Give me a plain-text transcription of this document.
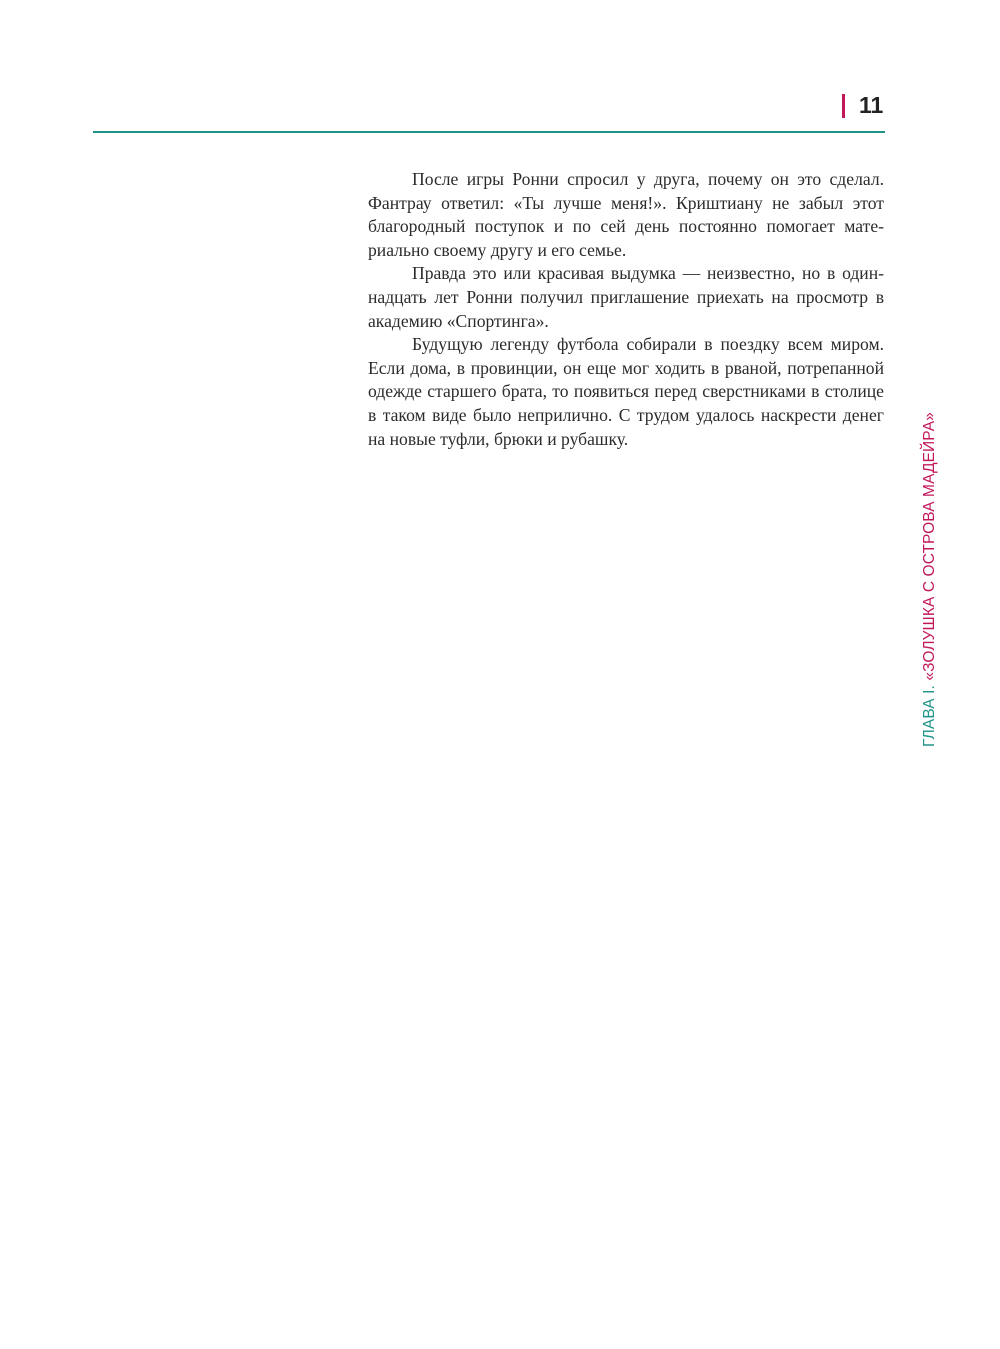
11

После игры Ронни спросил у друга, почему он это сделал. Фантрау ответил: «Ты лучше меня!». Криштиану не забыл этот благородный поступок и по сей день постоянно помогает материально своему другу и его семье.

Правда это или красивая выдумка — неизвестно, но в одиннадцать лет Ронни получил приглашение приехать на просмотр в академию «Спортинга».

Будущую легенду футбола собирали в поездку всем миром. Если дома, в провинции, он еще мог ходить в рваной, потрепанной одежде старшего брата, то появиться перед сверстниками в столице в таком виде было неприлично. С трудом удалось наскрести денег на новые туфли, брюки и рубашку.

ГЛАВА I. «ЗОЛУШКА С ОСТРОВА МАДЕЙРА»
